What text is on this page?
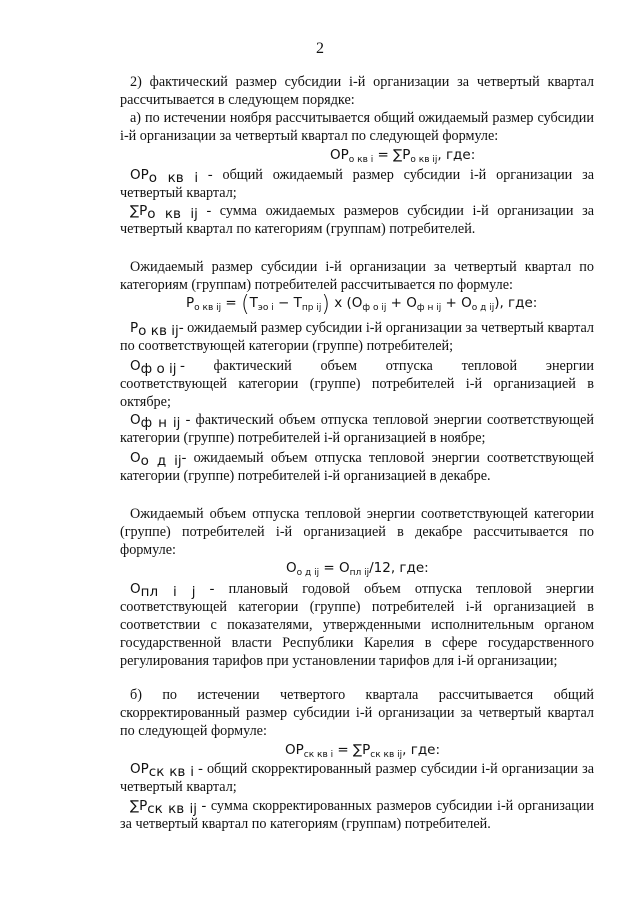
2

2) фактический размер субсидии i-й организации за четвертый квартал рассчитывается в следующем порядке:

а) по истечении ноября рассчитывается общий ожидаемый размер субсидии i-й организации за четвертый квартал по следующей формуле:

$ОР_{о кв i} = \sum Р_{о кв ij}$, где:

$ОР_{о кв i}$ - общий ожидаемый размер субсидии i-й организации за четвертый квартал;

$\sum Р_{о кв ij}$ - сумма ожидаемых размеров субсидии i-й организации за четвертый квартал по категориям (группам) потребителей.

Ожидаемый размер субсидии i-й организации за четвертый квартал по категориям (группам) потребителей рассчитывается по формуле:

$Р_{о кв ij} = (Т_{эо i} - Т_{пр ij})$ x $(О_{ф о ij} + О_{ф н ij} + О_{о д ij})$, где:

$Р_{о кв ij}-$ ожидаемый размер субсидии i-й организации за четвертый квартал по соответствующей категории (группе) потребителей;

$О_{ф о ij}$ -	фактический	объем	отпуска	тепловой	энергии
соответствующей категории (группе) потребителей i-й организацией в октябре;

$О_{ф н ij}$ - фактический объем отпуска тепловой энергии соответствующей категории (группе) потребителей i-й организацией в ноябре;

$О_{о д ij}-$ ожидаемый объем отпуска тепловой энергии соответствующей категории (группе) потребителей i-й организацией в декабре.

Ожидаемый объем отпуска тепловой энергии соответствующей категории (группе) потребителей i-й организацией в декабре рассчитывается по формуле:

$О_{о д ij} = О_{пл ij}/12$, где:

$О_{пл i j}$ - плановый годовой объем отпуска тепловой энергии соответствующей категории (группе) потребителей i-й организацией в соответствии с показателями, утвержденными исполнительным органом государственной власти Республики Карелия в сфере государственного регулирования тарифов при установлении тарифов для i-й организации;

б) по истечении четвертого квартала рассчитывается общий скорректированный размер субсидии i-й организации за четвертый квартал по следующей формуле:

$ОР_{ск кв i} = \sum Р_{ск кв ij}$, где:

$ОР_{ск кв i}$ - общий скорректированный размер субсидии i-й организации за четвертый квартал;

$\sum Р_{ск кв ij}$ - сумма скорректированных размеров субсидии i-й организации за четвертый квартал по категориям (группам) потребителей.
